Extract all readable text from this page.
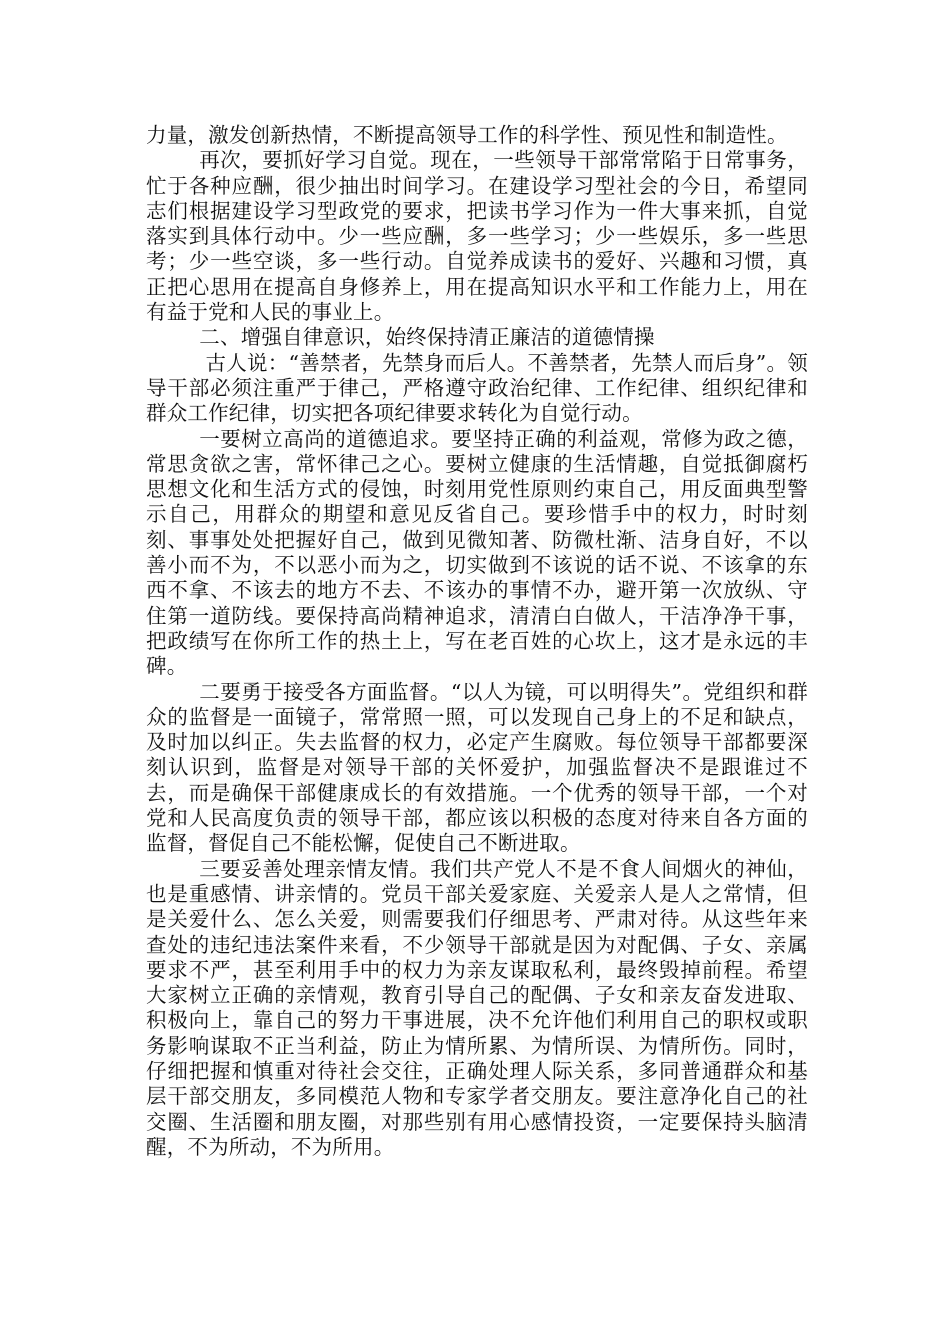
力量，激发创新热情，不断提高领导工作的科学性、预见性和制造性。

再次，要抓好学习自觉。现在，一些领导干部常常陷于日常事务，忙于各种应酬，很少抽出时间学习。在建设学习型社会的今日，希望同志们根据建设学习型政党的要求，把读书学习作为一件大事来抓，自觉落实到具体行动中。少一些应酬，多一些学习；少一些娱乐，多一些思考；少一些空谈，多一些行动。自觉养成读书的爱好、兴趣和习惯，真正把心思用在提高自身修养上，用在提高知识水平和工作能力上，用在有益于党和人民的事业上。

二、增强自律意识，始终保持清正廉洁的道德情操

古人说：“善禁者，先禁身而后人。不善禁者，先禁人而后身”。领导干部必须注重严于律己，严格遵守政治纪律、工作纪律、组织纪律和群众工作纪律，切实把各项纪律要求转化为自觉行动。

一要树立高尚的道德追求。要坚持正确的利益观，常修为政之德，常思贪欲之害，常怀律己之心。要树立健康的生活情趣，自觉抵御腐朽思想文化和生活方式的侵蚀，时刻用党性原则约束自己，用反面典型警示自己，用群众的期望和意见反省自己。要珍惜手中的权力，时时刻刻、事事处处把握好自己，做到见微知著、防微杜渐、洁身自好，不以善小而不为，不以恶小而为之，切实做到不该说的话不说、不该拿的东西不拿、不该去的地方不去、不该办的事情不办，避开第一次放纵、守住第一道防线。要保持高尚精神追求，清清白白做人，干洁净净干事，把政绩写在你所工作的热土上，写在老百姓的心坎上，这才是永远的丰碑。

二要勇于接受各方面监督。“以人为镜，可以明得失”。党组织和群众的监督是一面镜子，常常照一照，可以发现自己身上的不足和缺点，及时加以纠正。失去监督的权力，必定产生腐败。每位领导干部都要深刻认识到，监督是对领导干部的关怀爱护，加强监督决不是跟谁过不去，而是确保干部健康成长的有效措施。一个优秀的领导干部，一个对党和人民高度负责的领导干部，都应该以积极的态度对待来自各方面的监督，督促自己不能松懈，促使自己不断进取。

三要妥善处理亲情友情。我们共产党人不是不食人间烟火的神仙，也是重感情、讲亲情的。党员干部关爱家庭、关爱亲人是人之常情，但是关爱什么、怎么关爱，则需要我们仔细思考、严肃对待。从这些年来查处的违纪违法案件来看，不少领导干部就是因为对配偶、子女、亲属要求不严，甚至利用手中的权力为亲友谋取私利，最终毁掉前程。希望大家树立正确的亲情观，教育引导自己的配偶、子女和亲友奋发进取、积极向上，靠自己的努力干事进展，决不允许他们利用自己的职权或职务影响谋取不正当利益，防止为情所累、为情所误、为情所伤。同时，仔细把握和慎重对待社会交往，正确处理人际关系，多同普通群众和基层干部交朋友，多同模范人物和专家学者交朋友。要注意净化自己的社交圈、生活圈和朋友圈，对那些别有用心感情投资，一定要保持头脑清醒，不为所动，不为所用。
